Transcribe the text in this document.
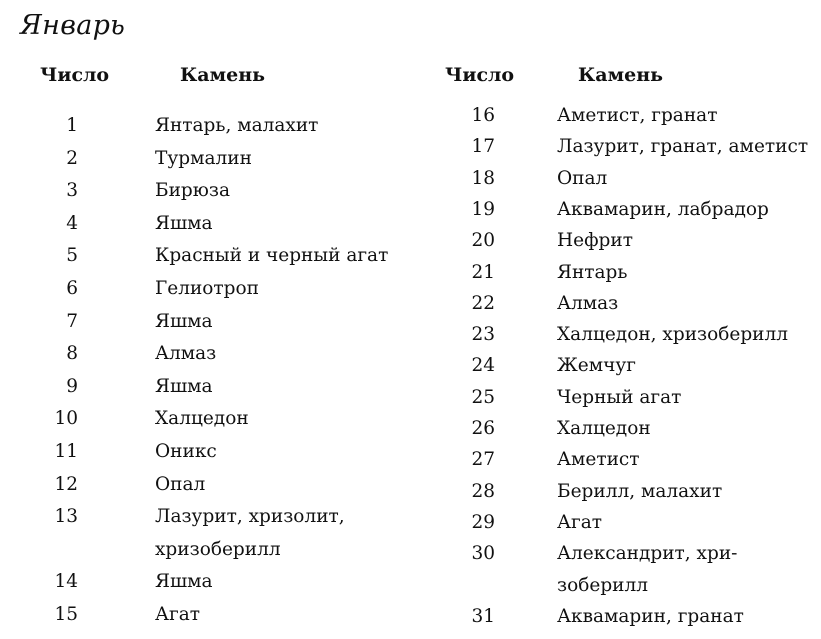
Январь
Число	Камень	Число	Камень
1	Янтарь, малахит
2	Турмалин
3	Бирюза
4	Яшма
5	Красный и черный агат
6	Гелиотроп
7	Яшма
8	Алмаз
9	Яшма
10	Халцедон
11	Оникс
12	Опал
13	Лазурит, хризолит,
хризоберилл
14	Яшма
15	Агат
16	Аметист, гранат
17	Лазурит, гранат, аметист
18	Опал
19	Аквамарин, лабрадор
20	Нефрит
21	Янтарь
22	Алмаз
23	Халцедон, хризоберилл
24	Жемчуг
25	Черный агат
26	Халцедон
27	Аметист
28	Берилл, малахит
29	Агат
30	Александрит, хри-
зоберилл
31	Аквамарин, гранат
